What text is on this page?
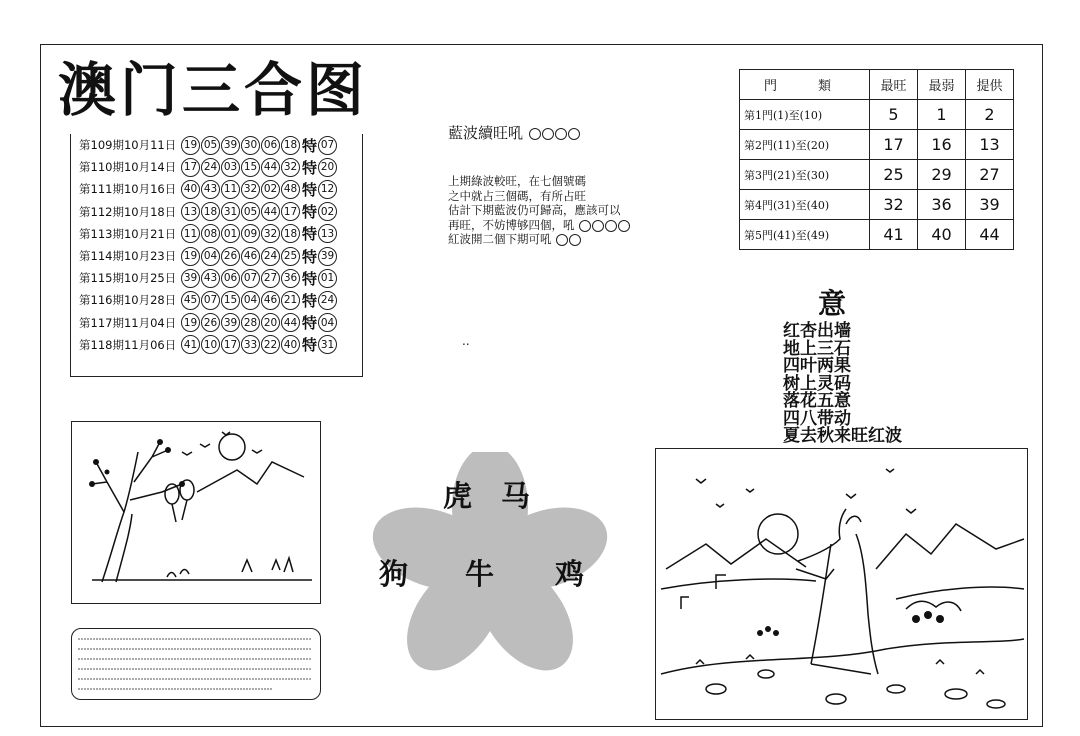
澳门三合图
第109期10月11日 19 05 39 30 06 18 特 07
第110期10月14日 17 24 03 15 44 32 特 20
第111期10月16日 40 43 11 32 02 48 特 12
第112期10月18日 13 18 31 05 44 17 特 02
第113期10月21日 11 08 01 09 32 18 特 13
第114期10月23日 19 04 26 46 24 25 特 39
第115期10月25日 39 43 06 07 27 36 特 01
第116期10月28日 45 07 15 04 46 21 特 24
第117期11月04日 19 26 39 28 20 44 特 04
第118期11月06日 41 10 17 33 22 40 特 31
藍波續旺吼
上期綠波較旺，在七個號碼
之中就占三個碼，有所占旺
估計下期藍波仍可歸高，應該可以
再旺，不妨博够四個，吼
紅波開二個下期可吼
..
門　類	最旺	最弱	提供
第1門(1)至(10)	5	1	2
第2門(11)至(20)	17	16	13
第3門(21)至(30)	25	29	27
第4門(31)至(40)	32	36	39
第5門(41)至(49)	41	40	44
意
红杏出墙
地上三石
四叶两果
树上灵码
落花五意
四八带动
夏去秋来旺红波
虎 马
狗 牛 鸡
